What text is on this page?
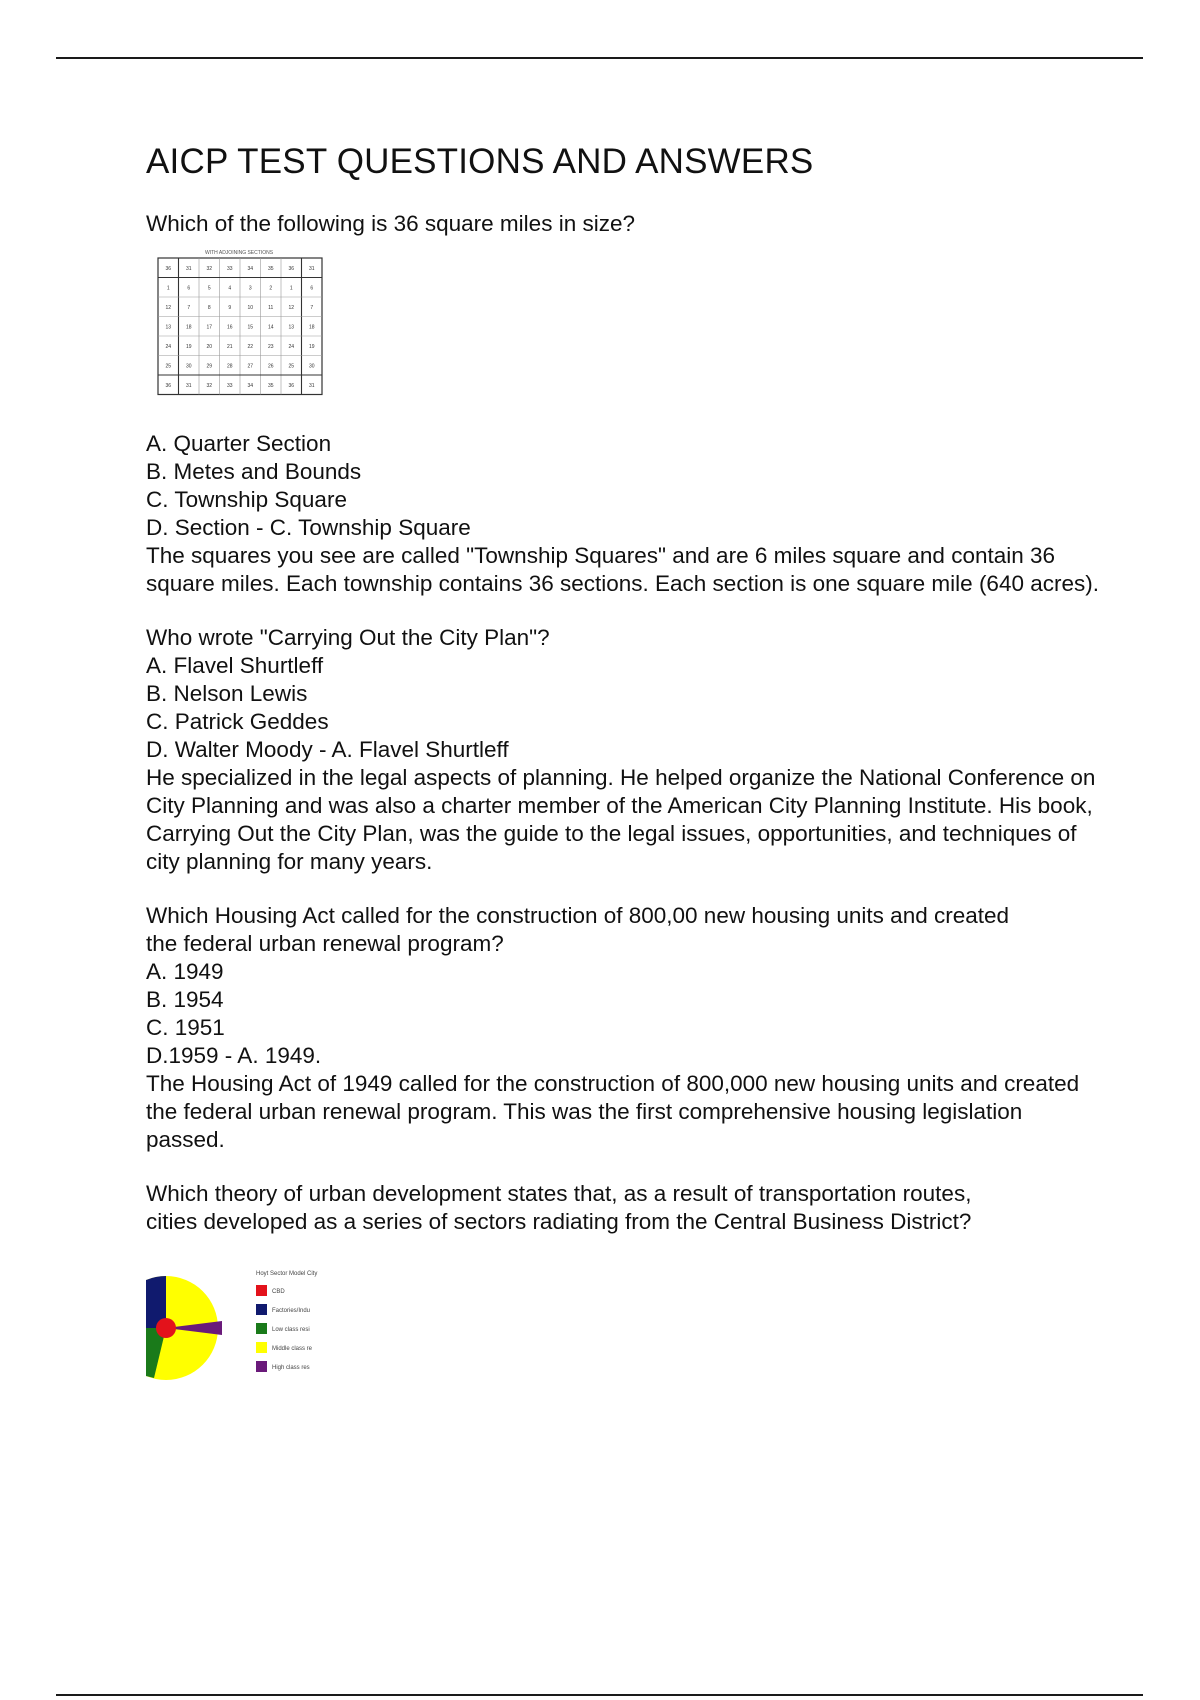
AICP TEST QUESTIONS AND ANSWERS
Which of the following is 36 square miles in size?
WITH ADJOINING SECTIONS
36	31	32	33	34	35	36	31
1	6	5	4	3	2	1	6
12	7	8	9	10	11	12	7
13	18	17	16	15	14	13	18
24	19	20	21	22	23	24	19
25	30	29	28	27	26	25	30
36	31	32	33	34	35	36	31
A. Quarter Section
B. Metes and Bounds
C. Township Square
D. Section - C. Township Square
The squares you see are called "Township Squares" and are 6 miles square and contain 36 square miles. Each township contains 36 sections. Each section is one square mile (640 acres).
Who wrote "Carrying Out the City Plan"?
A. Flavel Shurtleff
B. Nelson Lewis
C. Patrick Geddes
D. Walter Moody - A. Flavel Shurtleff
He specialized in the legal aspects of planning. He helped organize the National Conference on City Planning and was also a charter member of the American City Planning Institute. His book, Carrying Out the City Plan, was the guide to the legal issues, opportunities, and techniques of city planning for many years.
Which Housing Act called for the construction of 800,00 new housing units and created
the federal urban renewal program?
A. 1949
B. 1954
C. 1951
D.1959 - A. 1949.
The Housing Act of 1949 called for the construction of 800,000 new housing units and created the federal urban renewal program. This was the first comprehensive housing legislation passed.
Which theory of urban development states that, as a result of transportation routes,
cities developed as a series of sectors radiating from the Central Business District?
Hoyt Sector Model City
CBD
Factories/Indu
Low class resi
Middle class re
High class res
